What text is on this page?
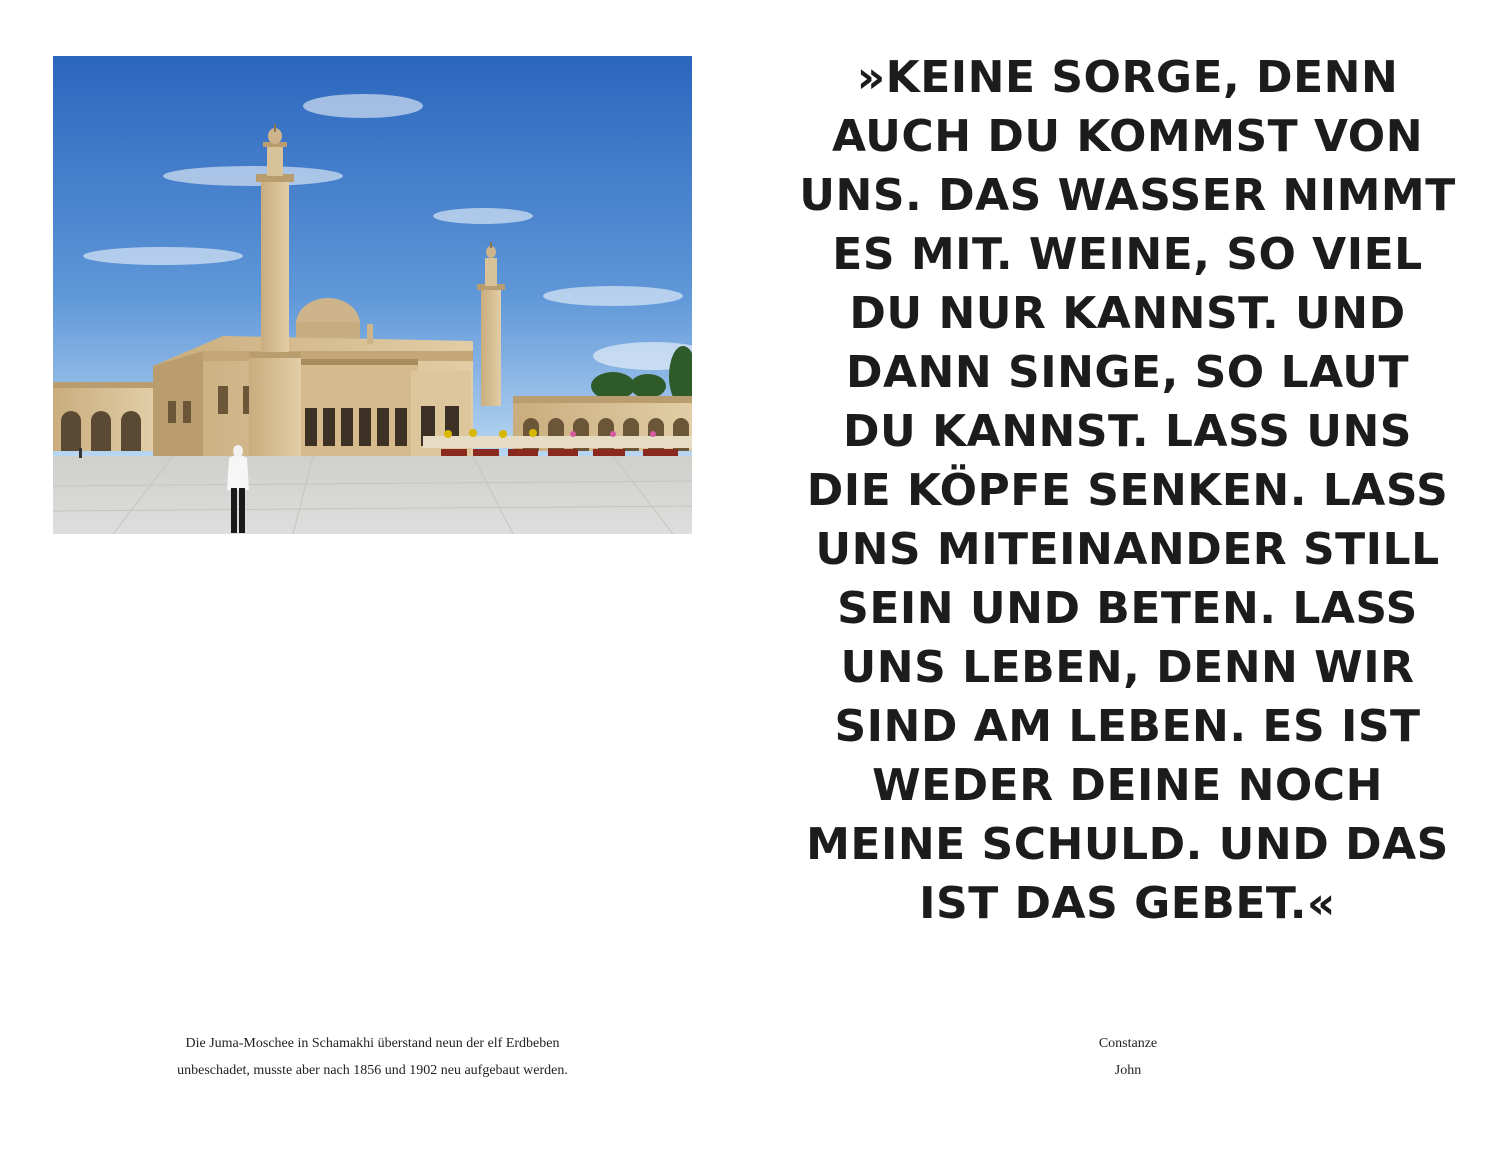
Die Juma-Moschee in Schamakhi überstand neun der elf Erdbeben
unbeschadet, musste aber nach 1856 und 1902 neu aufgebaut werden.
»KEINE SORGE, DENN
AUCH DU KOMMST VON
UNS. DAS WASSER NIMMT
ES MIT. WEINE, SO VIEL
DU NUR KANNST. UND
DANN SINGE, SO LAUT
DU KANNST. LASS UNS
DIE KÖPFE SENKEN. LASS
UNS MITEINANDER STILL
SEIN UND BETEN. LASS
UNS LEBEN, DENN WIR
SIND AM LEBEN. ES IST
WEDER DEINE NOCH
MEINE SCHULD. UND DAS
IST DAS GEBET.«
Constanze
John
